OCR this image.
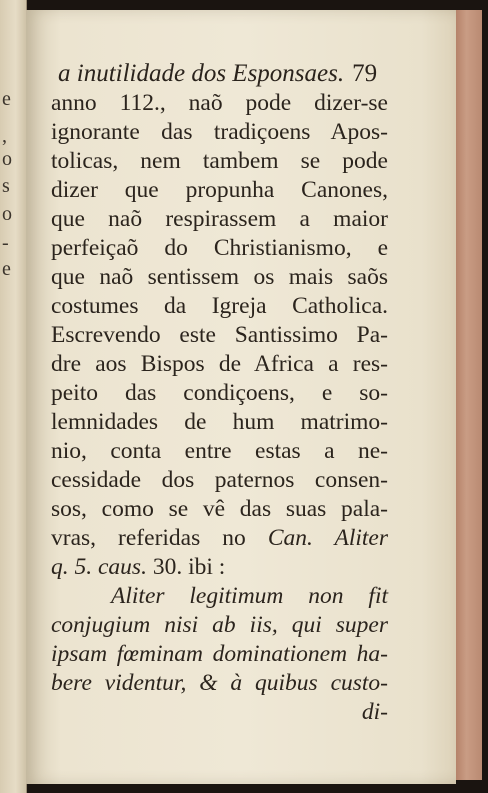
e
,
o
s
o
-
e
a inutilidade dos Esponsaes. 79
anno 112., naõ pode dizer-se
ignorante das tradiçoens Apos-
tolicas, nem tambem se pode
dizer que propunha Canones,
que naõ respirassem a maior
perfeiçaõ do Christianismo, e
que naõ sentissem os mais saõs
costumes da Igreja Catholica.
Escrevendo este Santissimo Pa-
dre aos Bispos de Africa a res-
peito das condiçoens, e so-
lemnidades de hum matrimo-
nio, conta entre estas a ne-
cessidade dos paternos consen-
sos, como se vê das suas pala-
vras, referidas no Can. Aliter
q. 5. caus. 30. ibi :
Aliter legitimum non fit
conjugium nisi ab iis, qui super
ipsam fœminam dominationem ha-
bere videntur, & à quibus custo-
di-
